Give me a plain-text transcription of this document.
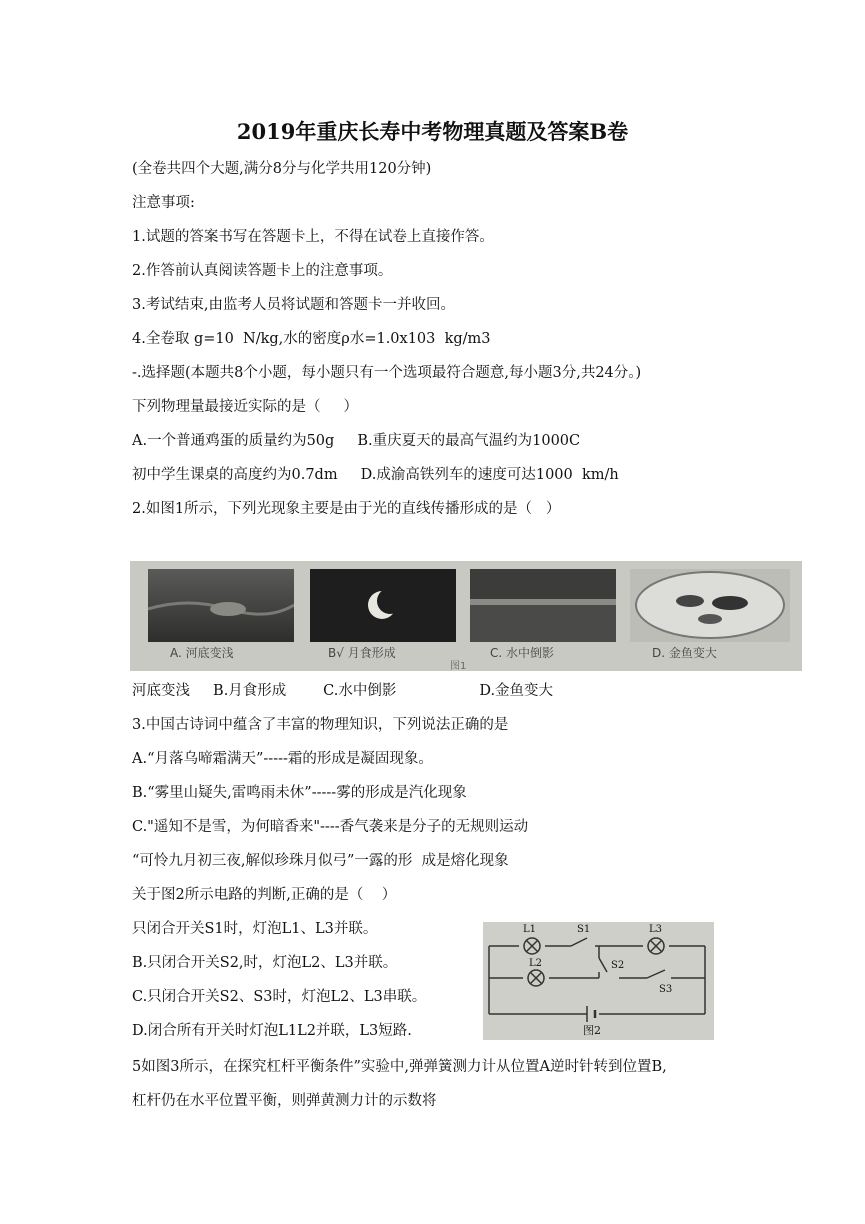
2019年重庆长寿中考物理真题及答案B卷
(全卷共四个大题,满分8分与化学共用120分钟)
注意事项:
1.试题的答案书写在答题卡上，不得在试卷上直接作答。
2.作答前认真阅读答题卡上的注意事项。
3.考试结束,由监考人员将试题和答题卡一并收回。
4.全卷取 g=10  N/kg,水的密度ρ水=1.0x103  kg/m3
-.选择题(本题共8个小题，每小题只有一个选项最符合题意,每小题3分,共24分。)
下列物理量最接近实际的是（     ）
A.一个普通鸡蛋的质量约为50g     B.重庆夏天的最高气温约为1000C
初中学生课桌的高度约为0.7dm     D.成渝高铁列车的速度可达1000  km/h
2.如图1所示，下列光现象主要是由于光的直线传播形成的是（   ）
A. 河底变浅	B√ 月食形成	C. 水中倒影	D. 金鱼变大
图1
河底变浅     B.月食形成        C.水中倒影                  D.金鱼变大
3.中国古诗词中蕴含了丰富的物理知识，下列说法正确的是
A.“月落乌啼霜满天”-----霜的形成是凝固现象。
B.“雾里山疑失,雷鸣雨未休”-----雾的形成是汽化现象
C."遥知不是雪，为何暗香来"----香气袭来是分子的无规则运动
“可怜九月初三夜,解似珍珠月似弓”一露的形  成是熔化现象
关于图2所示电路的判断,正确的是（    ）
只闭合开关S1时，灯泡L1、L3并联。
B.只闭合开关S2,时，灯泡L2、L3并联。
C.只闭合开关S2、S3时，灯泡L2、L3串联。
D.闭合所有开关时灯泡L1L2并联，L3短路.
L1	S1	L3
L2	S2
S3
图2
5如图3所示，在探究杠杆平衡条件”实验中,弹弹簧测力计从位置A逆时针转到位置B,
杠杆仍在水平位置平衡，则弹黄测力计的示数将
